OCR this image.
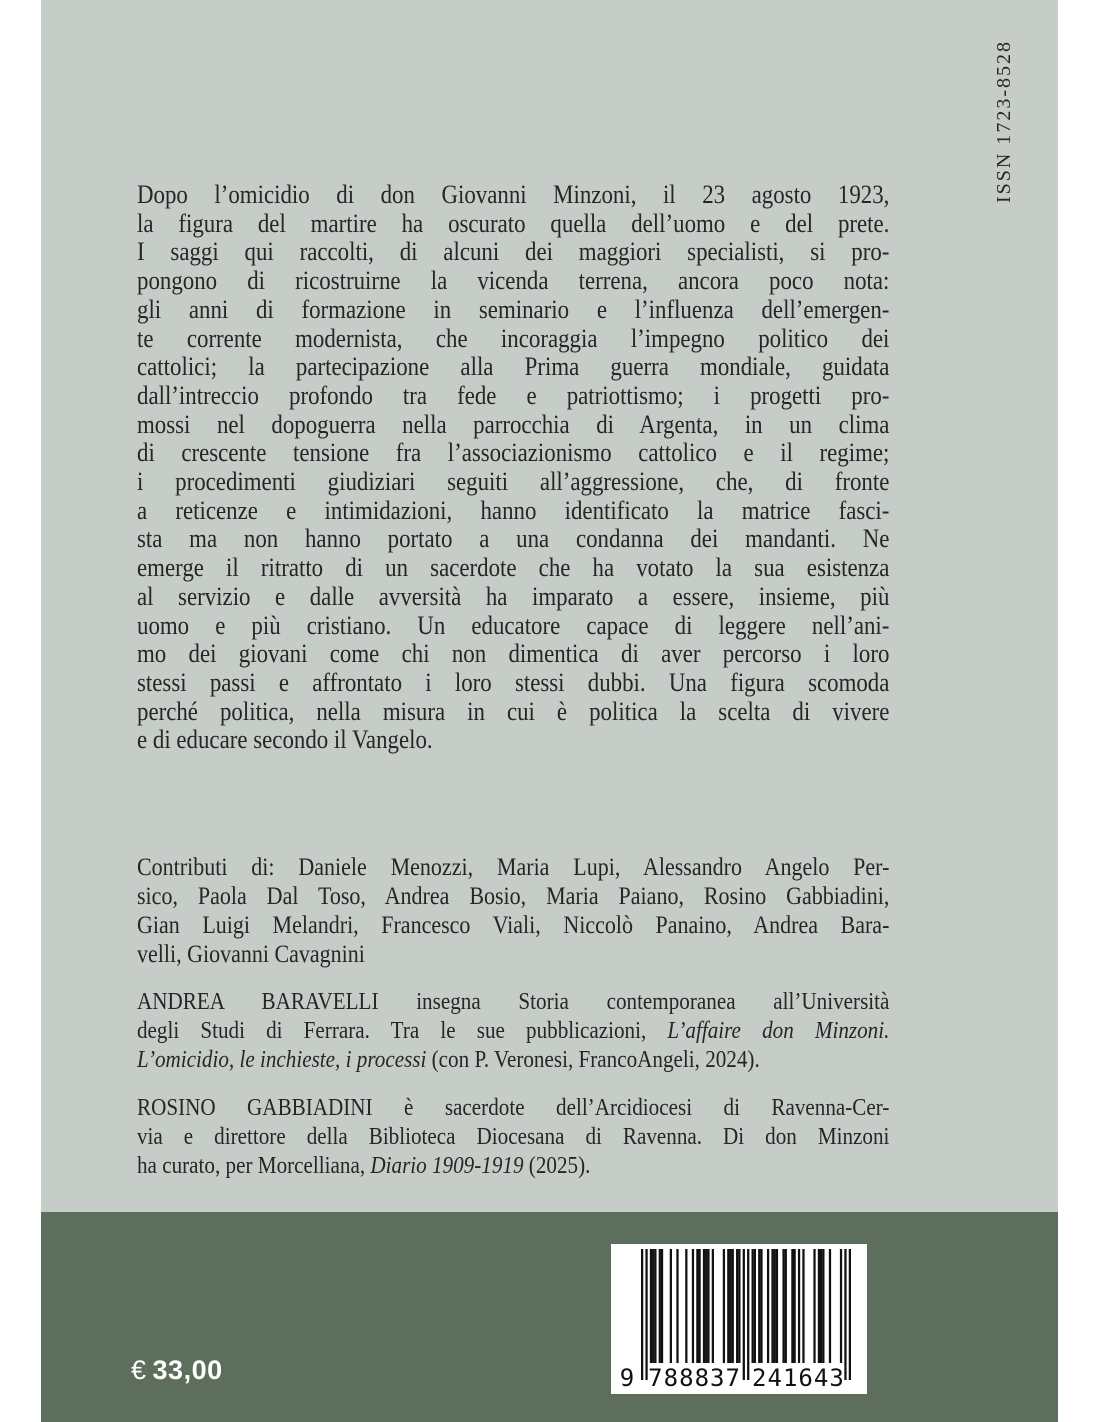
ISSN 1723-8528
Dopo l’omicidio di don Giovanni Minzoni, il 23 agosto 1923,
la figura del martire ha oscurato quella dell’uomo e del prete.
I saggi qui raccolti, di alcuni dei maggiori specialisti, si pro-
pongono di ricostruirne la vicenda terrena, ancora poco nota:
gli anni di formazione in seminario e l’influenza dell’emergen-
te corrente modernista, che incoraggia l’impegno politico dei
cattolici; la partecipazione alla Prima guerra mondiale, guidata
dall’intreccio profondo tra fede e patriottismo; i progetti pro-
mossi nel dopoguerra nella parrocchia di Argenta, in un clima
di crescente tensione fra l’associazionismo cattolico e il regime;
i procedimenti giudiziari seguiti all’aggressione, che, di fronte
a reticenze e intimidazioni, hanno identificato la matrice fasci-
sta ma non hanno portato a una condanna dei mandanti. Ne
emerge il ritratto di un sacerdote che ha votato la sua esistenza
al servizio e dalle avversità ha imparato a essere, insieme, più
uomo e più cristiano. Un educatore capace di leggere nell’ani-
mo dei giovani come chi non dimentica di aver percorso i loro
stessi passi e affrontato i loro stessi dubbi. Una figura scomoda
perché politica, nella misura in cui è politica la scelta di vivere
e di educare secondo il Vangelo.
Contributi di: Daniele Menozzi, Maria Lupi, Alessandro Angelo Per-
sico, Paola Dal Toso, Andrea Bosio, Maria Paiano, Rosino Gabbiadini,
Gian Luigi Melandri, Francesco Viali, Niccolò Panaino, Andrea Bara-
velli, Giovanni Cavagnini
ANDREA BARAVELLI insegna Storia contemporanea all’Università
degli Studi di Ferrara. Tra le sue pubblicazioni, L’affaire don Minzoni.
L’omicidio, le inchieste, i processi (con P. Veronesi, FrancoAngeli, 2024).
ROSINO GABBIADINI è sacerdote dell’Arcidiocesi di Ravenna-Cer-
via e direttore della Biblioteca Diocesana di Ravenna. Di don Minzoni
ha curato, per Morcelliana, Diario 1909-1919 (2025).
€ 33,00	9 7 8 8 8 3 7 2 4 1 6 4 3
